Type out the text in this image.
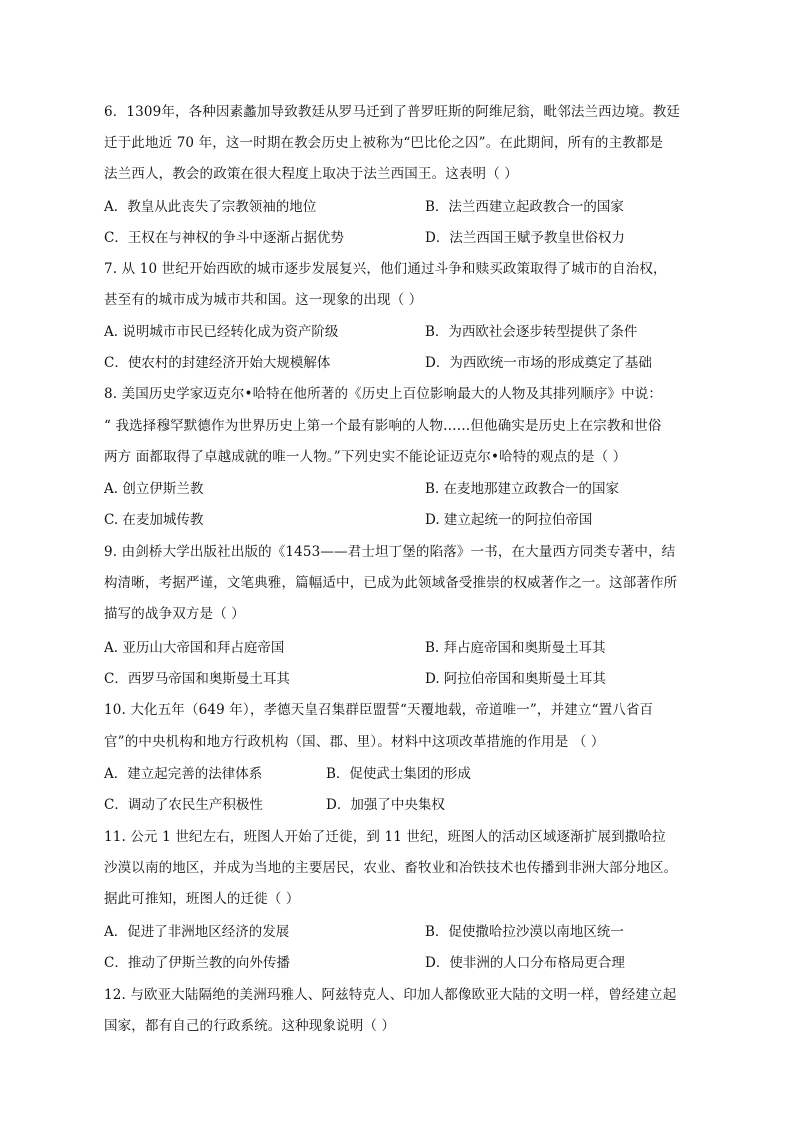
6．1309年，各种因素蠡加导致教廷从罗马迁到了普罗旺斯的阿维尼翁，毗邻法兰西边境。教廷
迁于此地近 70 年，这一时期在教会历史上被称为“巴比伦之囚”。在此期间，所有的主教都是
法兰西人，教会的政策在很大程度上取决于法兰西国王。这表明（ ）
A．教皇从此丧失了宗教领袖的地位	B．法兰西建立起政教合一的国家
C．王权在与神权的争斗中逐渐占据优势	D．法兰西国王赋予教皇世俗权力
7. 从 10 世纪开始西欧的城市逐步发展复兴，他们通过斗争和赎买政策取得了城市的自治权，
甚至有的城市成为城市共和国。这一现象的出现（ ）
A. 说明城市市民已经转化成为资产阶级	B．为西欧社会逐步转型提供了条件
C．使农村的封建经济开始大规模解体	D．为西欧统一市场的形成奠定了基础
8. 美国历史学家迈克尔•哈特在他所著的《历史上百位影响最大的人物及其排列顺序》中说：
“ 我选择穆罕默德作为世界历史上第一个最有影响的人物……但他确实是历史上在宗教和世俗
两方 面都取得了卓越成就的唯一人物。”下列史实不能论证迈克尔•哈特的观点的是（ ）
A. 创立伊斯兰教	B. 在麦地那建立政教合一的国家
C. 在麦加城传教	D. 建立起统一的阿拉伯帝国
9. 由剑桥大学出版社出版的《1453——君士坦丁堡的陷落》一书，在大量西方同类专著中，结
构清晰，考据严谨，文笔典雅，篇幅适中，已成为此领域备受推崇的权威著作之一。这部著作所
描写的战争双方是（ ）
A. 亚历山大帝国和拜占庭帝国	B. 拜占庭帝国和奥斯曼土耳其
C．西罗马帝国和奥斯曼土耳其	D. 阿拉伯帝国和奥斯曼土耳其
10. 大化五年（649 年），孝德天皇召集群臣盟誓“天覆地载，帝道唯一”，并建立“置八省百
官”的中央机构和地方行政机构（国、郡、里）。材料中这项改革措施的作用是 （ ）
A．建立起完善的法律体系	B．促使武士集团的形成
C．调动了农民生产积极性	D．加强了中央集权
11. 公元 1 世纪左右，班图人开始了迁徙，到 11 世纪，班图人的活动区域逐渐扩展到撒哈拉
沙漠以南的地区，并成为当地的主要居民，农业、畜牧业和冶铁技术也传播到非洲大部分地区。
据此可推知，班图人的迁徙（ ）
A．促进了非洲地区经济的发展	B．促使撒哈拉沙漠以南地区统一
C．推动了伊斯兰教的向外传播	D．使非洲的人口分布格局更合理
12. 与欧亚大陆隔绝的美洲玛雅人、阿兹特克人、印加人都像欧亚大陆的文明一样，曾经建立起
国家，都有自己的行政系统。这种现象说明（ ）
